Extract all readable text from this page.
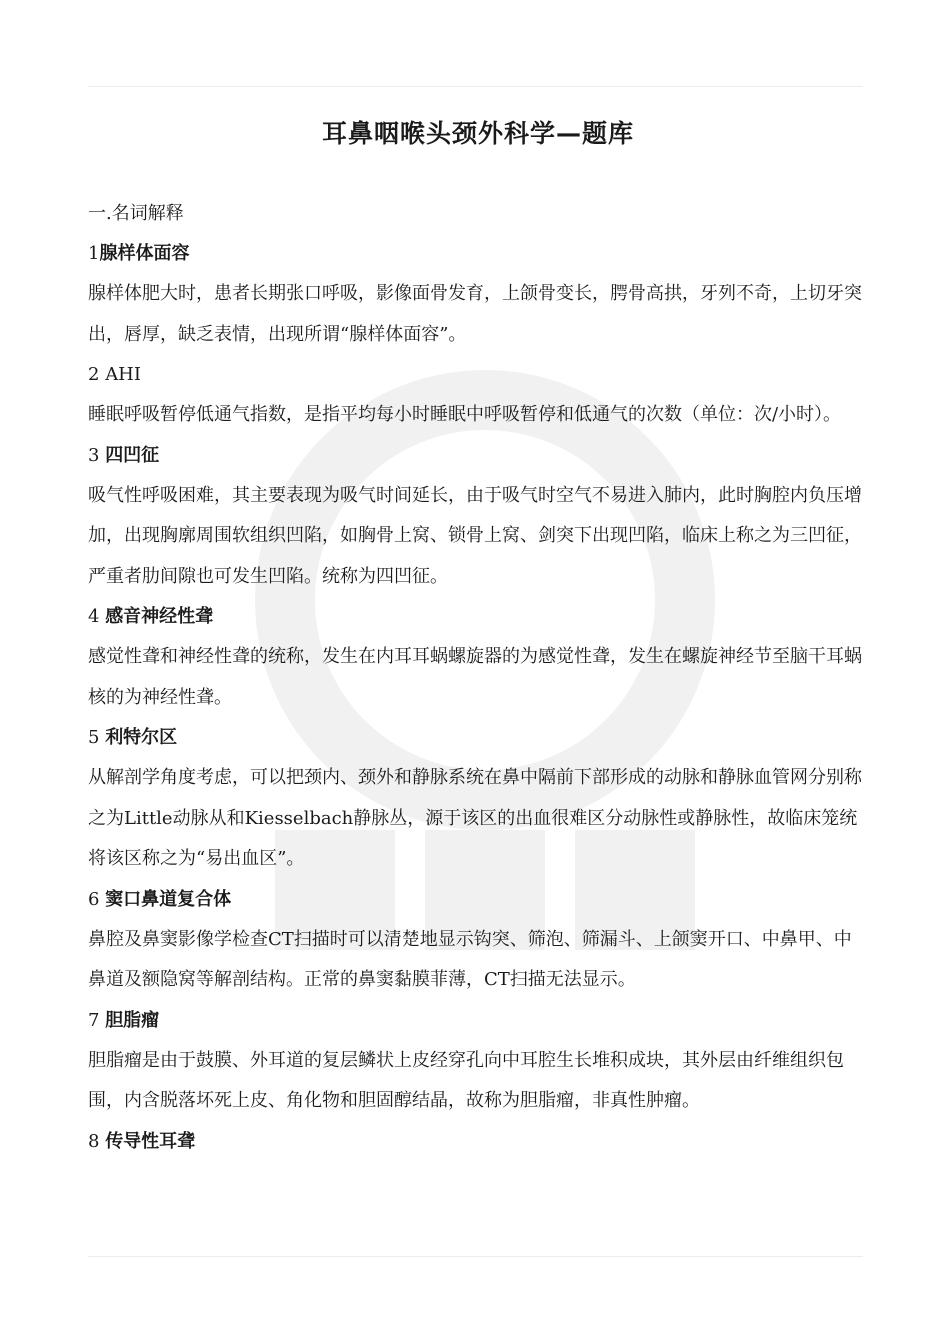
耳鼻咽喉头颈外科学—题库

一.名词解释

1腺样体面容

腺样体肥大时，患者长期张口呼吸，影像面骨发育，上颌骨变长，腭骨高拱，牙列不奇，上切牙突出，唇厚，缺乏表情，出现所谓“腺样体面容”。

2 AHI

睡眠呼吸暂停低通气指数，是指平均每小时睡眠中呼吸暂停和低通气的次数（单位：次/小时）。

3 四凹征

吸气性呼吸困难，其主要表现为吸气时间延长，由于吸气时空气不易进入肺内，此时胸腔内负压增加，出现胸廓周围软组织凹陷，如胸骨上窝、锁骨上窝、剑突下出现凹陷，临床上称之为三凹征，严重者肋间隙也可发生凹陷。统称为四凹征。

4 感音神经性聋

感觉性聋和神经性聋的统称，发生在内耳耳蜗螺旋器的为感觉性聋，发生在螺旋神经节至脑干耳蜗核的为神经性聋。

5 利特尔区

从解剖学角度考虑，可以把颈内、颈外和静脉系统在鼻中隔前下部形成的动脉和静脉血管网分别称之为Little动脉从和Kiesselbach静脉丛，源于该区的出血很难区分动脉性或静脉性，故临床笼统将该区称之为“易出血区”。

6 窦口鼻道复合体

鼻腔及鼻窦影像学检查CT扫描时可以清楚地显示钩突、筛泡、筛漏斗、上颌窦开口、中鼻甲、中鼻道及额隐窝等解剖结构。正常的鼻窦黏膜菲薄，CT扫描无法显示。

7 胆脂瘤

胆脂瘤是由于鼓膜、外耳道的复层鳞状上皮经穿孔向中耳腔生长堆积成块，其外层由纤维组织包围，内含脱落坏死上皮、角化物和胆固醇结晶，故称为胆脂瘤，非真性肿瘤。

8 传导性耳聋
